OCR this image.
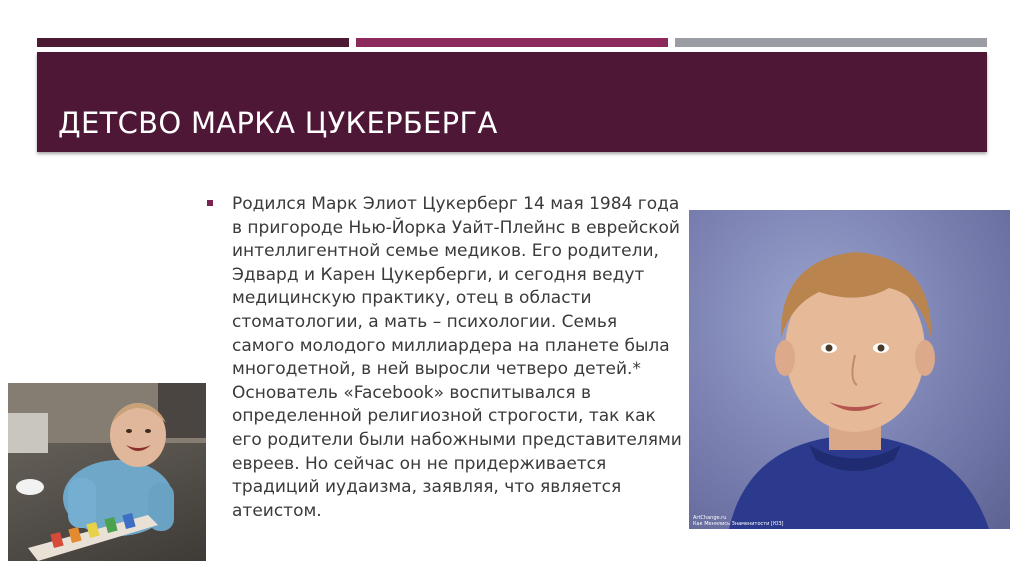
ДЕТСВО МАРКА ЦУКЕРБЕРГА

Родился Марк Элиот Цукерберг 14 мая 1984 года в пригороде Нью-Йорка Уайт-Плейнс в еврейской интеллигентной семье медиков. Его родители, Эдвард и Карен Цукерберги, и сегодня ведут медицинскую практику, отец в области стоматологии, а мать – психологии. Семья самого молодого миллиардера на планете была многодетной, в ней выросли четверо детей.* Основатель «Facebook» воспитывался в определенной религиозной строгости, так как его родители были набожными представителями евреев. Но сейчас он не придерживается традиций иудаизма, заявляя, что является атеистом.	ArtChange.ru
Как Менялись Знаменитости [ЮЗ]
